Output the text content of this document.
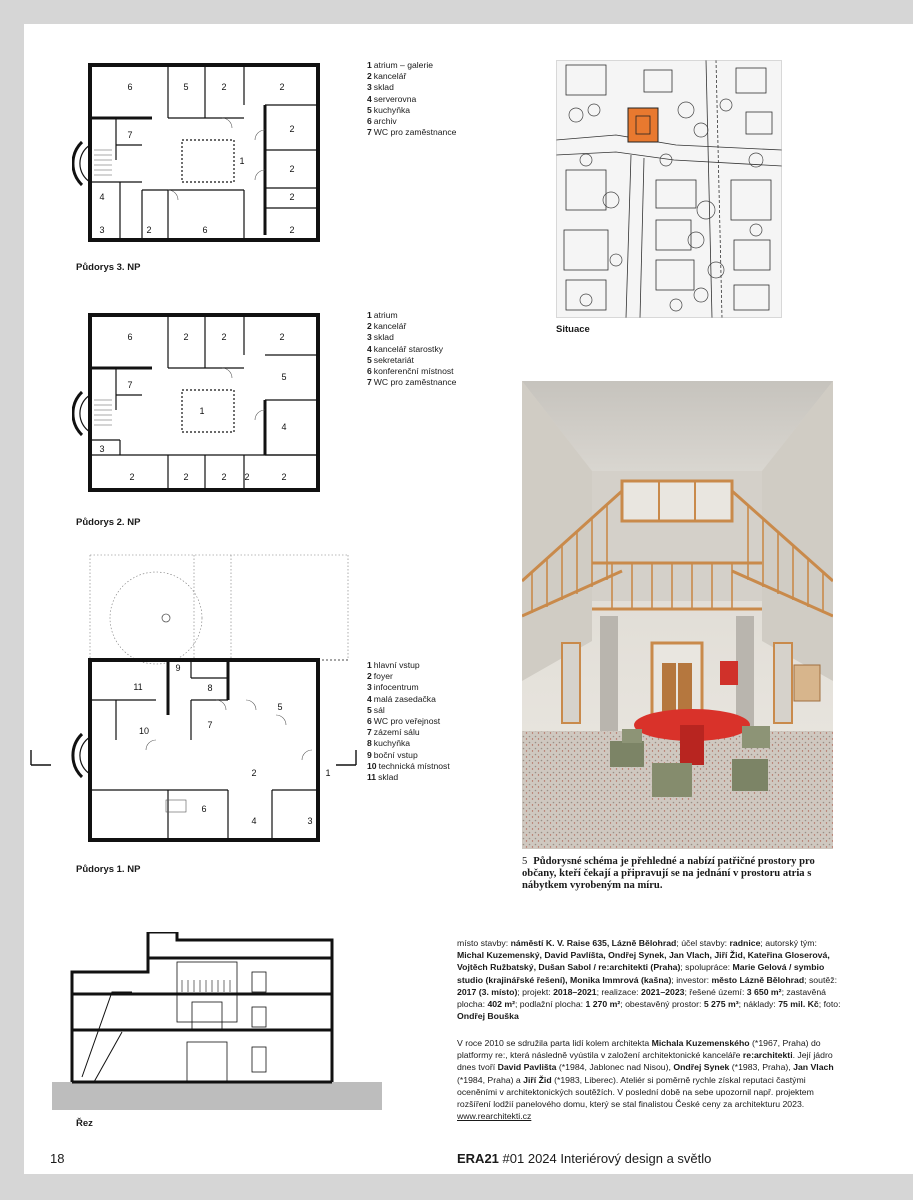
6	5	2	2
2
7
1
2
4	2
3	2	6	2
Půdorys 3. NP
1 atrium – galerie
2 kancelář
3 sklad
4 serverovna
5 kuchyňka
6 archiv
7 WC pro zaměstnance
Situace
6	2	2	2
7
5
1
4
3
2	2	2 2	2
Půdorys 2. NP
1 atrium
2 kancelář
3 sklad
4 kancelář starostky
5 sekretariát
6 konferenční místnost
7 WC pro zaměstnance
9
11	8
5
10
7
2	1
6
4	3
Půdorys 1. NP
1 hlavní vstup
2 foyer
3 infocentrum
4 malá zasedačka
5 sál
6 WC pro veřejnost
7 zázemí sálu
8 kuchyňka
9 boční vstup
10 technická místnost
11 sklad
5 Půdorysné schéma je přehledné a nabízí patřičné prostory pro občany, kteří čekají a připravují se na jednání v prostoru atria s nábytkem vyrobeným na míru.
Řez
místo stavby: náměstí K. V. Raise 635, Lázně Bělohrad; účel stavby: radnice; autorský tým: Michal Kuzemenský, David Pavlíšta, Ondřej Synek, Jan Vlach, Jiří Žid, Kateřina Gloserová, Vojtěch Ružbatský, Dušan Sabol / re:architekti (Praha); spolupráce: Marie Gelová / symbio studio (krajinářské řešení), Monika Immrová (kašna); investor: město Lázně Bělohrad; soutěž: 2017 (3. místo); projekt: 2018–2021; realizace: 2021–2023; řešené území: 3 650 m²; zastavěná plocha: 402 m²; podlažní plocha: 1 270 m²; obestavěný prostor: 5 275 m³; náklady: 75 mil. Kč; foto: Ondřej Bouška
V roce 2010 se sdružila parta lidí kolem architekta Michala Kuzemenského (*1967, Praha) do platformy re:, která následně vyústila v založení architektonické kanceláře re:architekti. Její jádro dnes tvoří David Pavlišta (*1984, Jablonec nad Nisou), Ondřej Synek (*1983, Praha), Jan Vlach (*1984, Praha) a Jiří Žid (*1983, Liberec). Ateliér si poměrně rychle získal reputaci častými oceněními v architektonických soutěžích. V poslední době na sebe upozornil např. projektem rozšíření lodžií panelového domu, který se stal finalistou České ceny za architekturu 2023. www.rearchitekti.cz
18	ERA21 #01 2024 Interiérový design a světlo
